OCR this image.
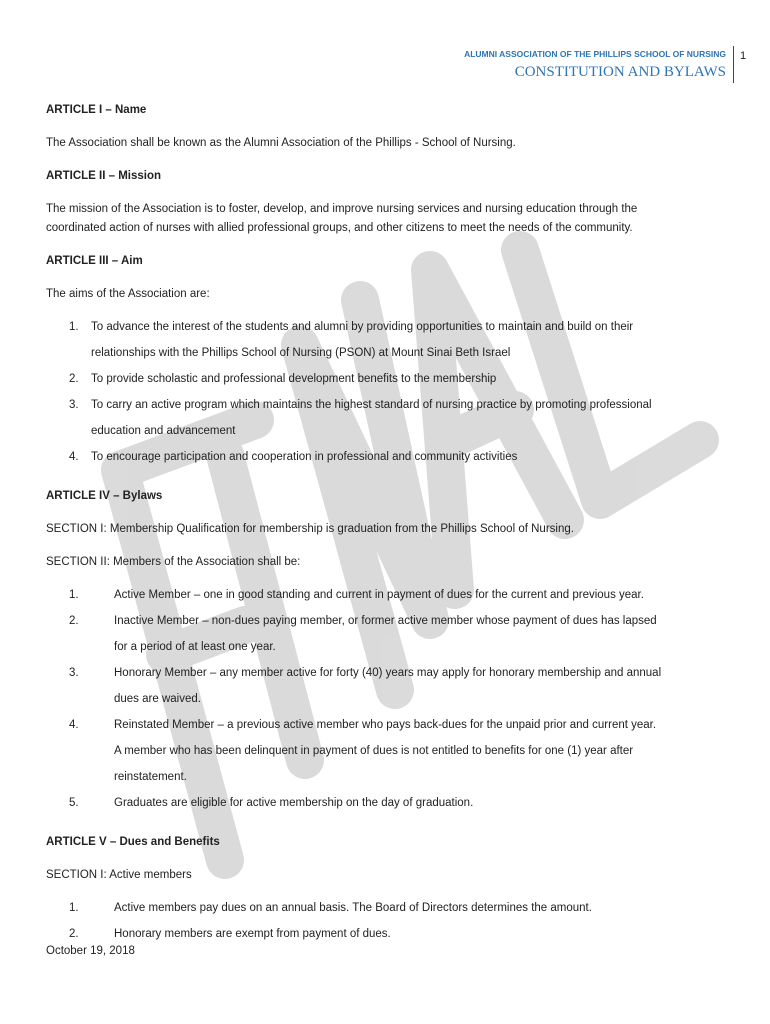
ALUMNI ASSOCIATION OF THE PHILLIPS SCHOOL OF NURSING
CONSTITUTION AND BYLAWS
1
ARTICLE I – Name
The Association shall be known as the Alumni Association of the Phillips - School of Nursing.
ARTICLE II – Mission
The mission of the Association is to foster, develop, and improve nursing services and nursing education through the
coordinated action of nurses with allied professional groups, and other citizens to meet the needs of the community.
ARTICLE III – Aim
The aims of the Association are:
1. To advance the interest of the students and alumni by providing opportunities to maintain and build on their
relationships with the Phillips School of Nursing (PSON) at Mount Sinai Beth Israel
2. To provide scholastic and professional development benefits to the membership
3. To carry an active program which maintains the highest standard of nursing practice by promoting professional
education and advancement
4. To encourage participation and cooperation in professional and community activities
ARTICLE IV – Bylaws
SECTION I: Membership Qualification for membership is graduation from the Phillips School of Nursing.
SECTION II: Members of the Association shall be:
1.	Active Member – one in good standing and current in payment of dues for the current and previous year.
2.	Inactive Member – non-dues paying member, or former active member whose payment of dues has lapsed
for a period of at least one year.
3.	Honorary Member – any member active for forty (40) years may apply for honorary membership and annual
dues are waived.
4.	Reinstated Member – a previous active member who pays back-dues for the unpaid prior and current year.
A member who has been delinquent in payment of dues is not entitled to benefits for one (1) year after
reinstatement.
5.	Graduates are eligible for active membership on the day of graduation.
ARTICLE V – Dues and Benefits
SECTION I: Active members
1.	Active members pay dues on an annual basis. The Board of Directors determines the amount.
2.	Honorary members are exempt from payment of dues.
October 19, 2018
